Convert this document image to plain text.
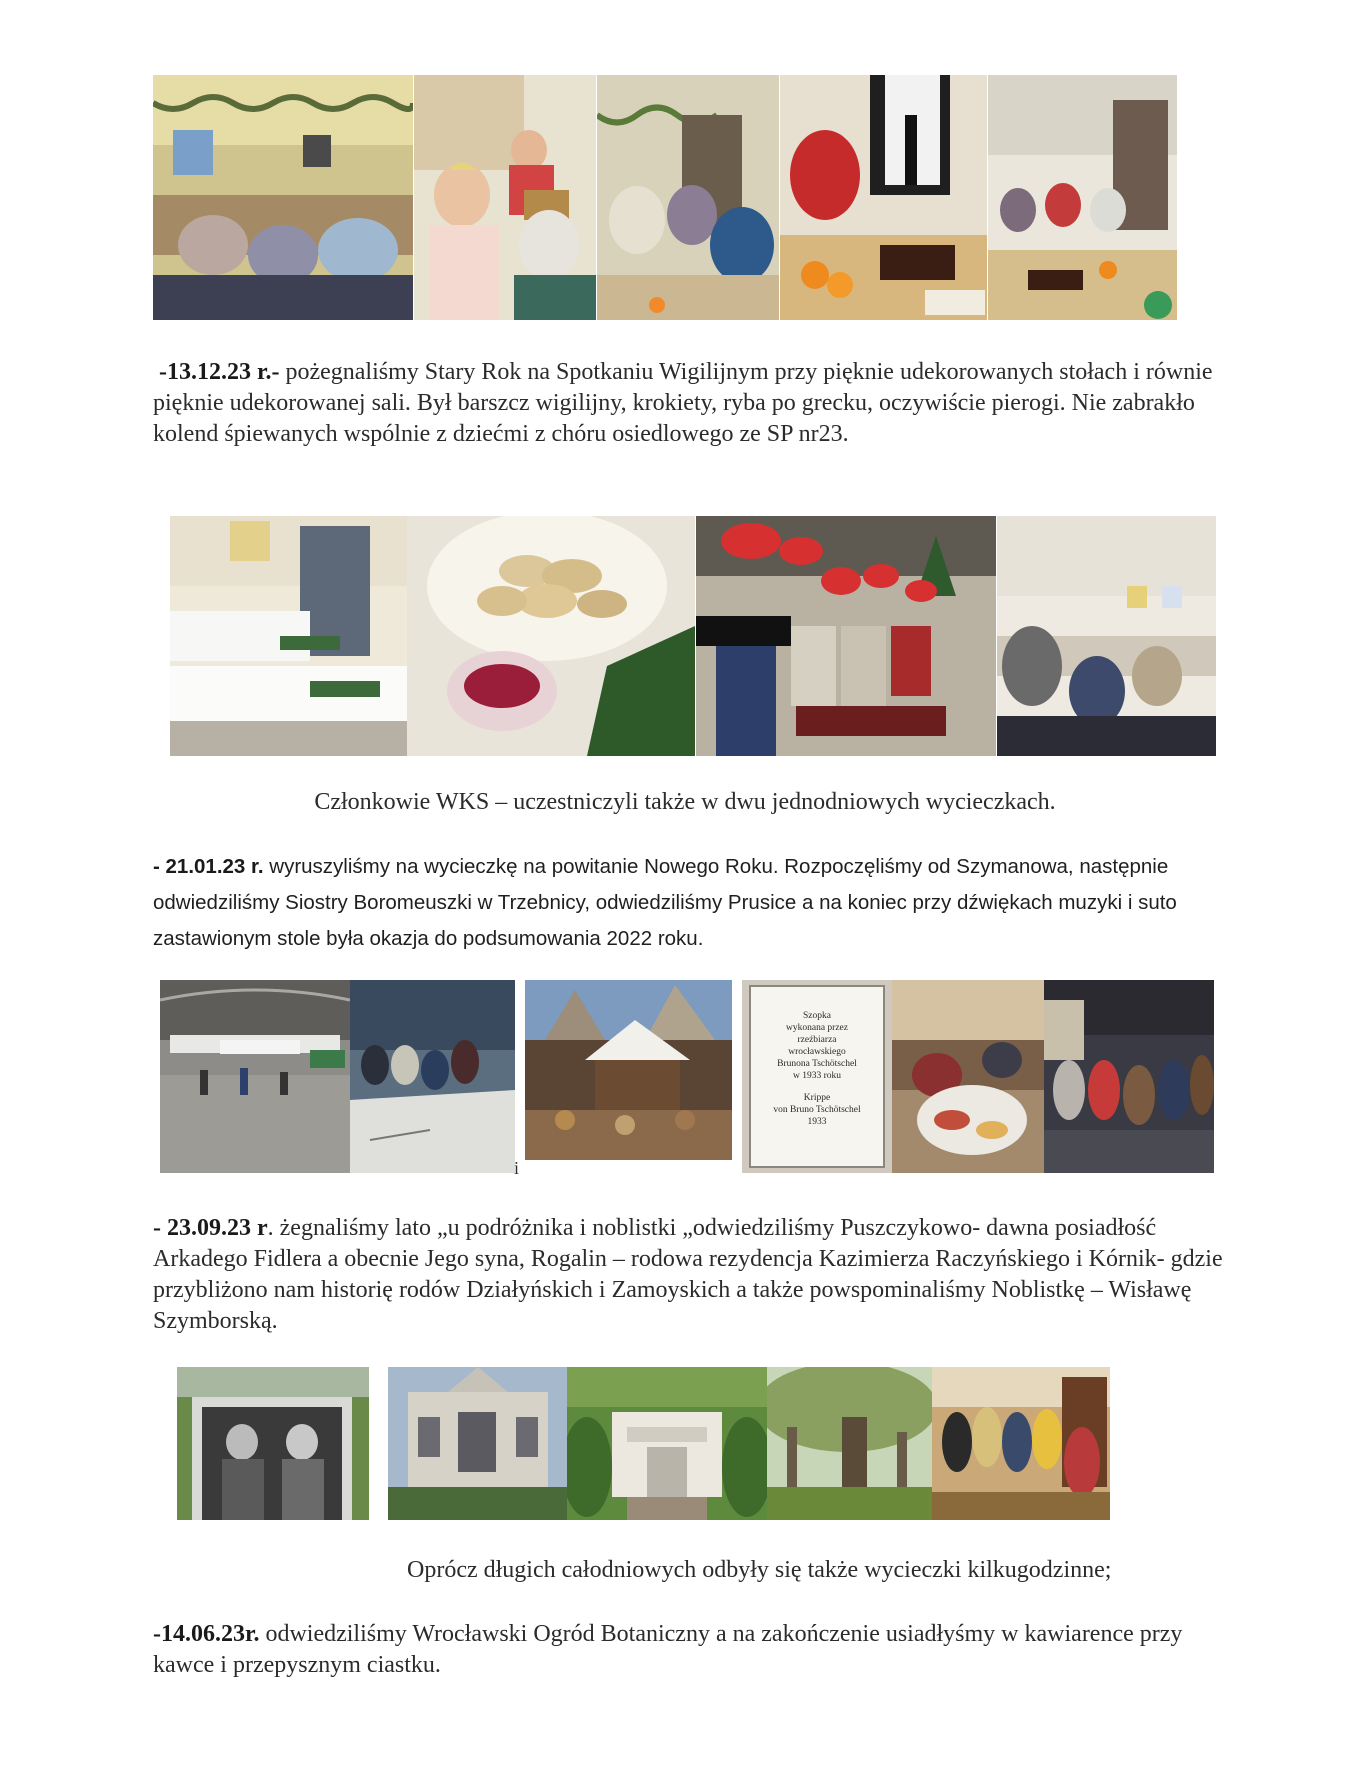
-13.12.23 r.- pożegnaliśmy Stary Rok na Spotkaniu Wigilijnym przy pięknie udekorowanych stołach i równie pięknie udekorowanej sali. Był barszcz wigilijny, krokiety, ryba po grecku, oczywiście pierogi. Nie zabrakło kolend śpiewanych wspólnie z dziećmi z chóru osiedlowego ze SP nr23.
Członkowie WKS – uczestniczyli także w dwu jednodniowych wycieczkach.
- 21.01.23 r. wyruszyliśmy na wycieczkę na powitanie Nowego Roku. Rozpoczęliśmy od Szymanowa, następnie odwiedziliśmy Siostry Boromeuszki w Trzebnicy, odwiedziliśmy Prusice a na koniec przy dźwiękach muzyki i suto zastawionym stole była okazja do podsumowania 2022 roku.
Szopka
wykonana przez
rzeźbiarza
wrocławskiego
Brunona Tschötschel
w 1933 roku
Krippe
von Bruno Tschötschel
1933
i
- 23.09.23 r. żegnaliśmy lato „u podróżnika i noblistki „odwiedziliśmy Puszczykowo- dawna posiadłość Arkadego Fidlera a obecnie Jego syna, Rogalin – rodowa rezydencja Kazimierza Raczyńskiego i Kórnik- gdzie przybliżono nam historię rodów Działyńskich i Zamoyskich a także powspominaliśmy Noblistkę – Wisławę Szymborską.
Oprócz długich całodniowych odbyły się także wycieczki kilkugodzinne;
-14.06.23r. odwiedziliśmy Wrocławski Ogród Botaniczny a na zakończenie usiadłyśmy w kawiarence przy kawce i przepysznym ciastku.
